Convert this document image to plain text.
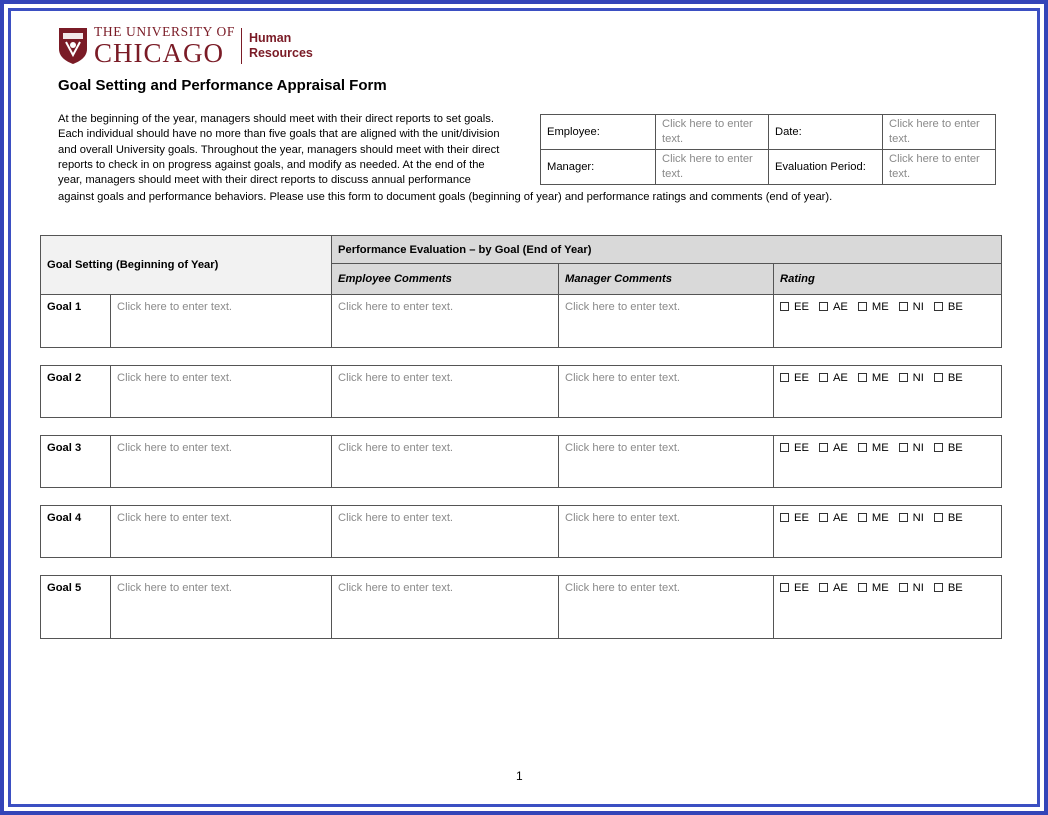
THE UNIVERSITY OF
CHICAGO	Human
Resources
Goal Setting and Performance Appraisal Form
At the beginning of the year, managers should meet with their direct reports to set goals.
Each individual should have no more than five goals that are aligned with the unit/division
and overall University goals. Throughout the year, managers should meet with their direct
reports to check in on progress against goals, and modify as needed. At the end of the
year, managers should meet with their direct reports to discuss annual performance
against goals and performance behaviors. Please use this form to document goals (beginning of year) and performance ratings and comments (end of year).
Employee:	Click here to enter text.	Date:	Click here to enter text.
Manager:	Click here to enter text.	Evaluation Period:	Click here to enter text.
Goal Setting (Beginning of Year)		Performance Evaluation – by Goal (End of Year)		
		Employee Comments	Manager Comments	Rating
Goal 1	Click here to enter text.	Click here to enter text.	Click here to enter text.	EE AE ME NI BE
Goal 2	Click here to enter text.	Click here to enter text.	Click here to enter text.	EE AE ME NI BE
Goal 3	Click here to enter text.	Click here to enter text.	Click here to enter text.	EE AE ME NI BE
Goal 4	Click here to enter text.	Click here to enter text.	Click here to enter text.	EE AE ME NI BE
Goal 5	Click here to enter text.	Click here to enter text.	Click here to enter text.	EE AE ME NI BE
1
